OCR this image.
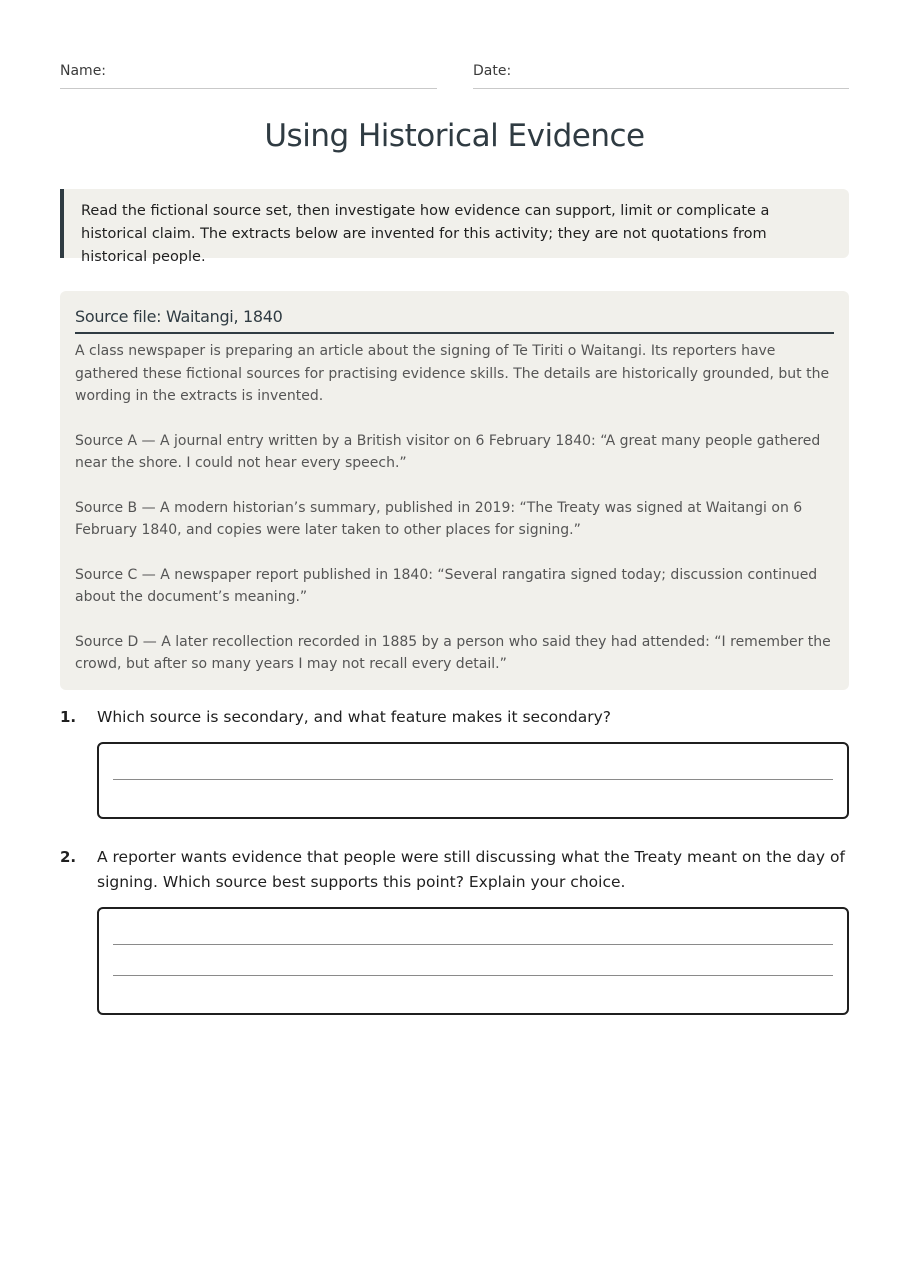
Name:	Date:
Using Historical Evidence
Read the fictional source set, then investigate how evidence can support, limit or complicate a historical claim. The extracts below are invented for this activity; they are not quotations from historical people.
Source file: Waitangi, 1840

A class newspaper is preparing an article about the signing of Te Tiriti o Waitangi. Its reporters have gathered these fictional sources for practising evidence skills. The details are historically grounded, but the wording in the extracts is invented.

Source A — A journal entry written by a British visitor on 6 February 1840: “A great many people gathered near the shore. I could not hear every speech.”

Source B — A modern historian’s summary, published in 2019: “The Treaty was signed at Waitangi on 6 February 1840, and copies were later taken to other places for signing.”

Source C — A newspaper report published in 1840: “Several rangatira signed today; discussion continued about the document’s meaning.”

Source D — A later recollection recorded in 1885 by a person who said they had attended: “I remember the crowd, but after so many years I may not recall every detail.”

1. Which source is secondary, and what feature makes it secondary?
2. A reporter wants evidence that people were still discussing what the Treaty meant on the day of signing. Which source best supports this point? Explain your choice.
